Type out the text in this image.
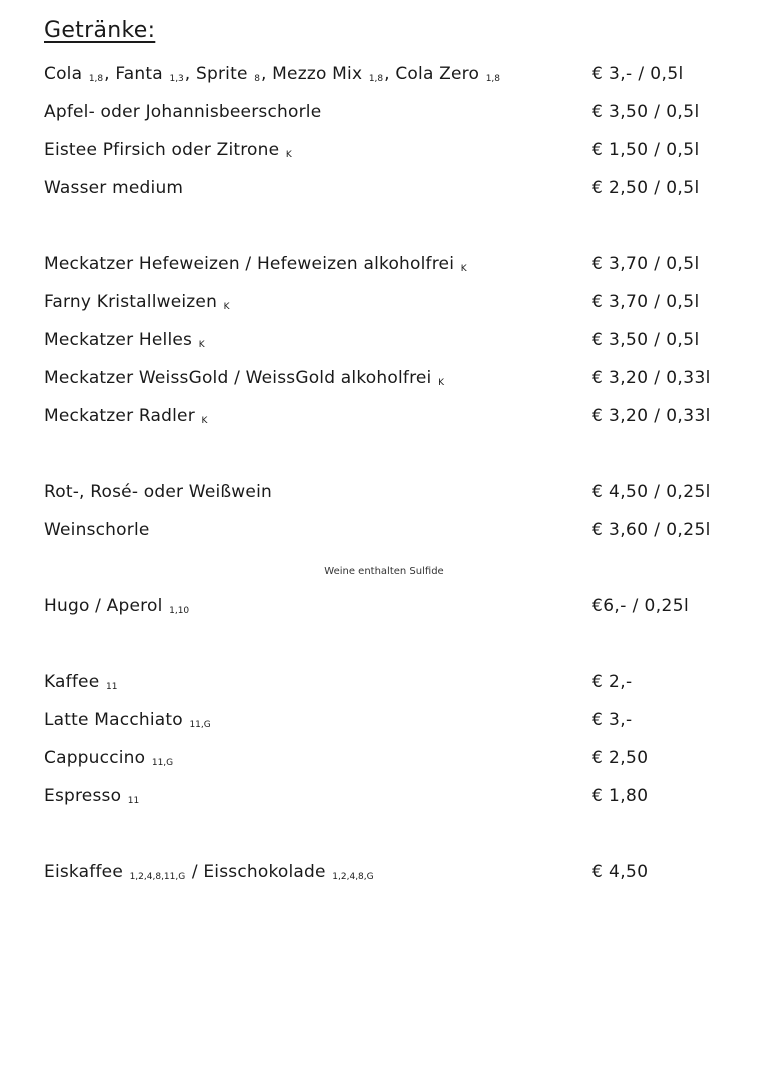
Getränke:
Cola $_{1,8}$, Fanta $_{1,3}$, Sprite $_8$, Mezzo Mix $_{1,8}$, Cola Zero $_{1,8}$	€ 3,- / 0,5l
Apfel- oder Johannisbeerschorle	€ 3,50 / 0,5l
Eistee Pfirsich oder Zitrone $_K$	€ 1,50 / 0,5l
Wasser medium	€ 2,50 / 0,5l
Meckatzer Hefeweizen / Hefeweizen alkoholfrei $_K$	€ 3,70 / 0,5l
Farny Kristallweizen $_K$	€ 3,70 / 0,5l
Meckatzer Helles $_K$	€ 3,50 / 0,5l
Meckatzer WeissGold / WeissGold alkoholfrei $_K$	€ 3,20 / 0,33l
Meckatzer Radler $_K$	€ 3,20 / 0,33l
Rot-, Rosé- oder Weißwein	€ 4,50 / 0,25l
Weinschorle	€ 3,60 / 0,25l
Hugo / Aperol $_{1,10}$	€6,- / 0,25l
Kaffee $_{11}$	€ 2,-
Latte Macchiato $_{11,G}$	€ 3,-
Cappuccino $_{11,G}$	€ 2,50
Espresso $_{11}$	€ 1,80
Eiskaffee $_{1,2,4,8,11,G}$ / Eisschokolade $_{1,2,4,8,G}$	€ 4,50
Weine enthalten Sulfide
